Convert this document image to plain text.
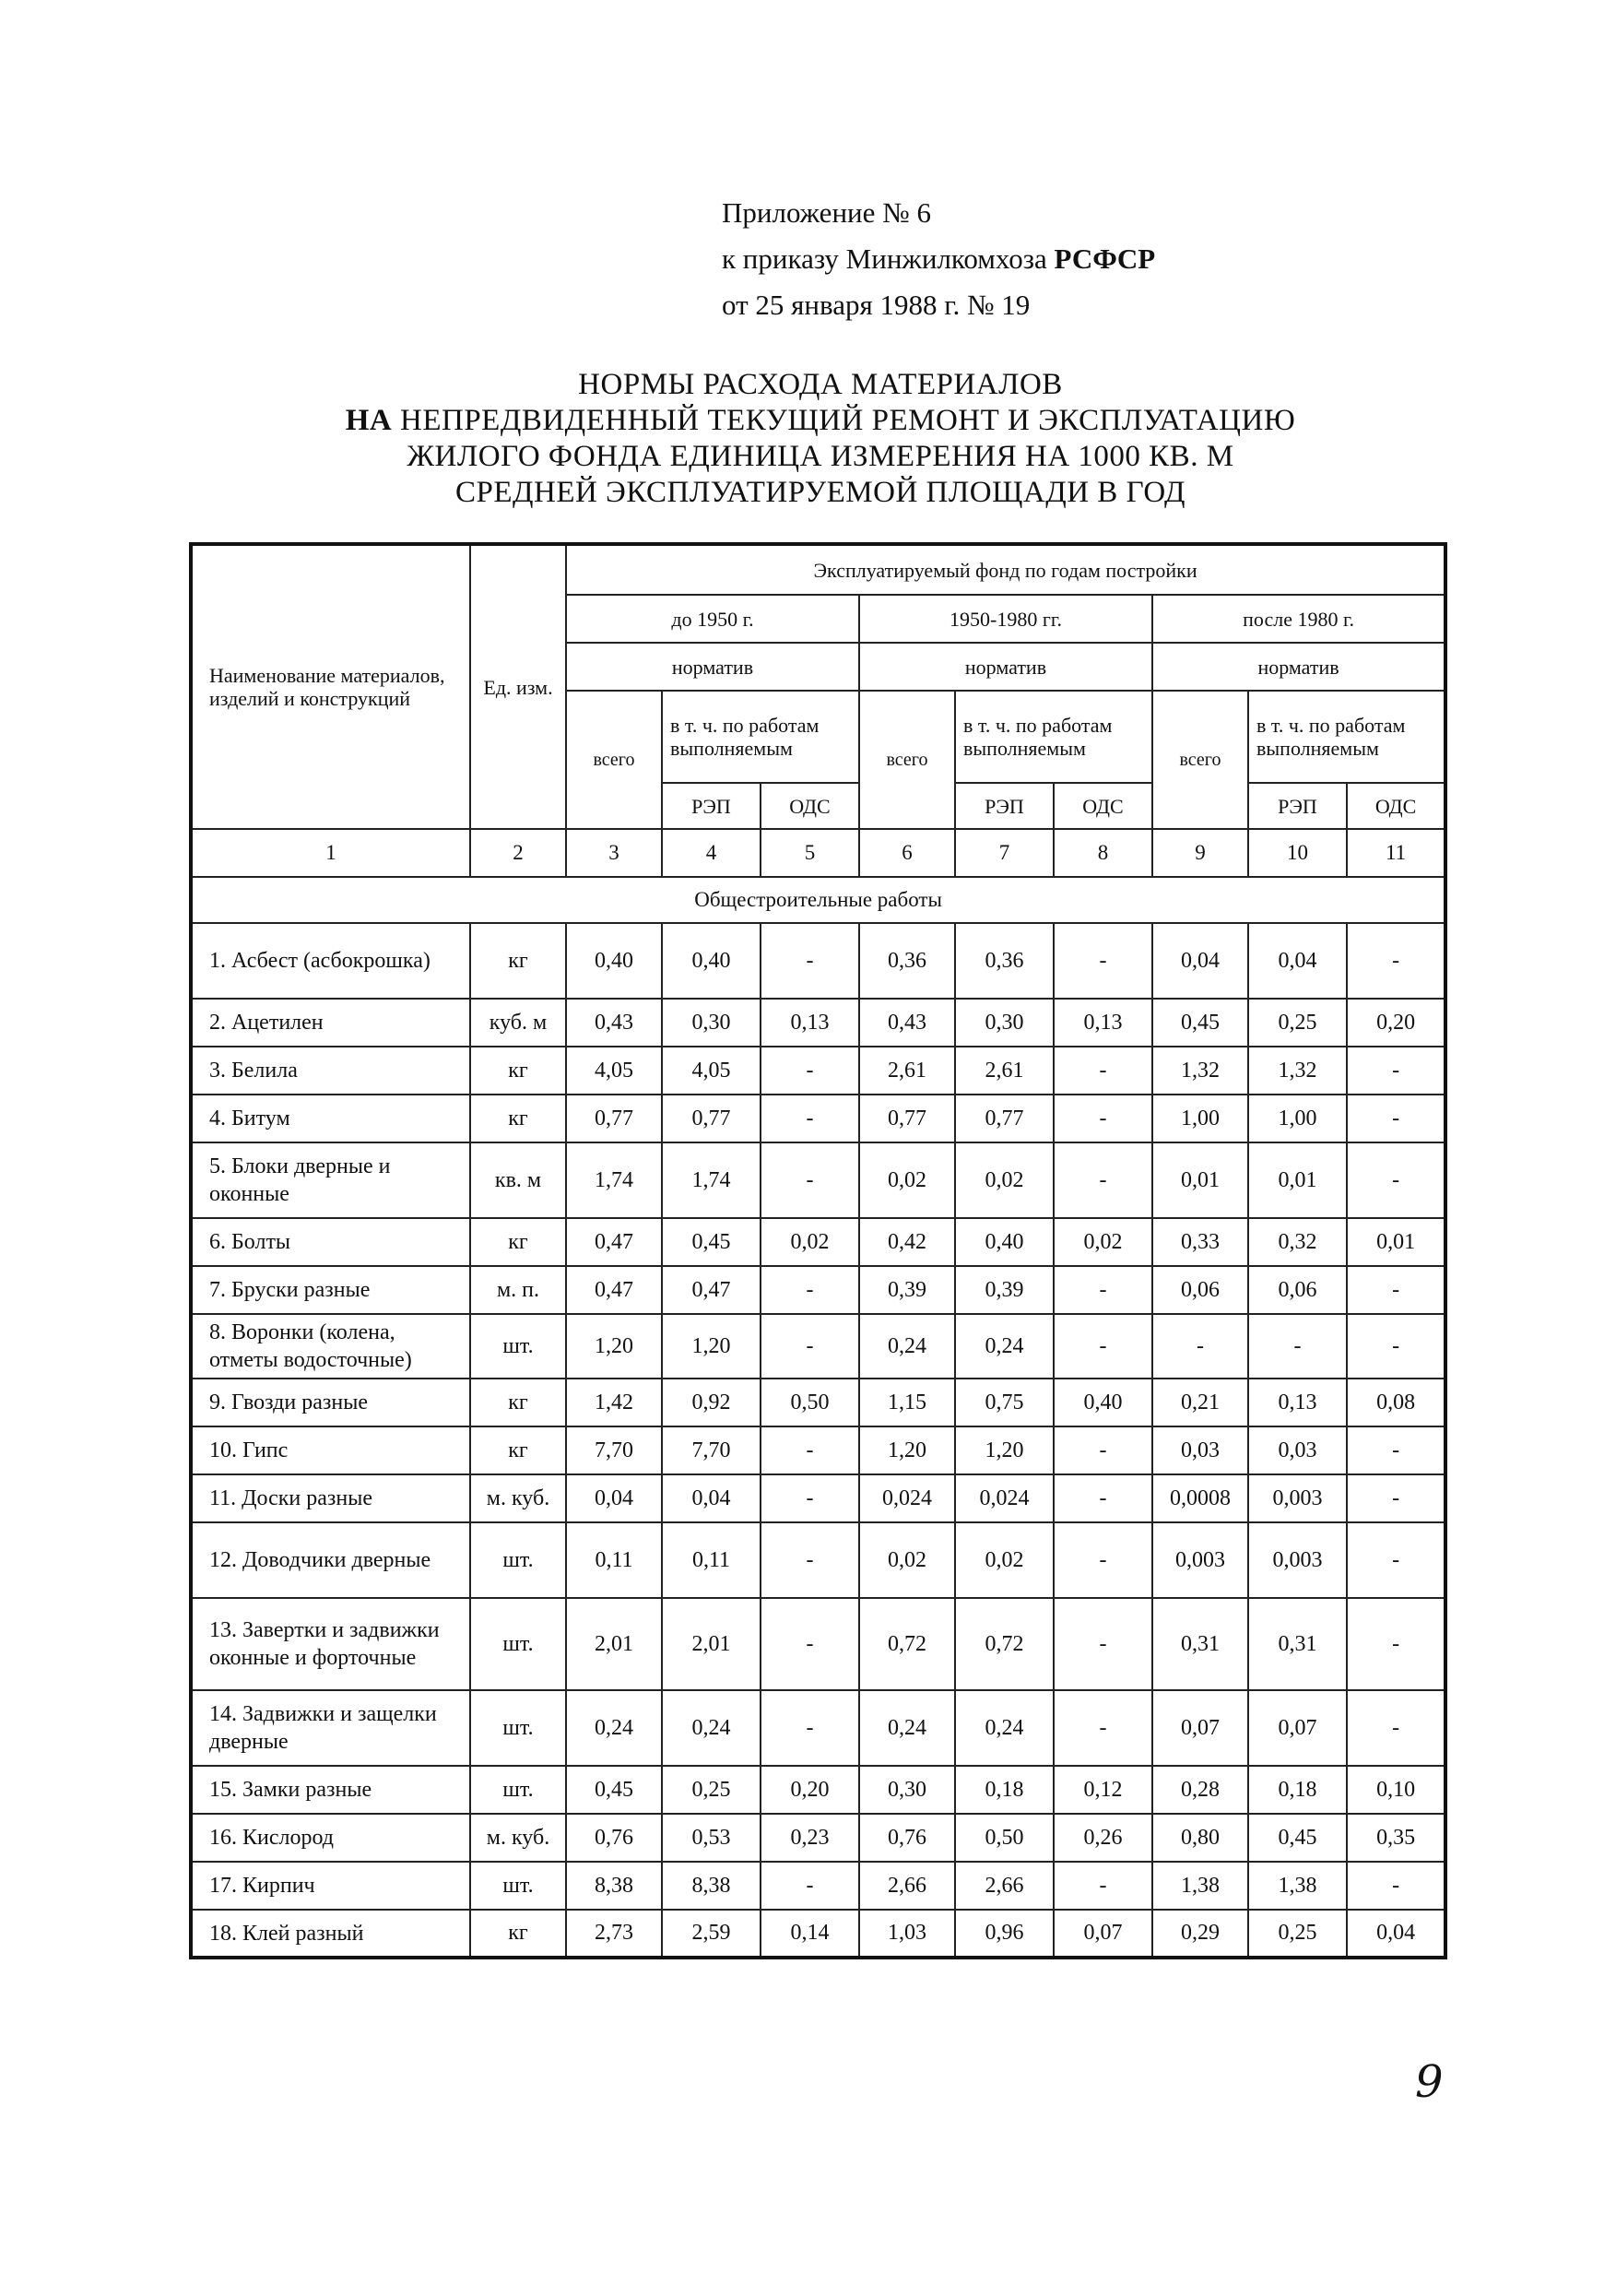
Приложение № 6
к приказу Минжилкомхоза РСФСР
от 25 января 1988 г. № 19
НОРМЫ РАСХОДА МАТЕРИАЛОВ
НА НЕПРЕДВИДЕННЫЙ ТЕКУЩИЙ РЕМОНТ И ЭКСПЛУАТАЦИЮ
ЖИЛОГО ФОНДА ЕДИНИЦА ИЗМЕРЕНИЯ НА 1000 КВ. М
СРЕДНЕЙ ЭКСПЛУАТИРУЕМОЙ ПЛОЩАДИ В ГОД
Наименование материалов, изделий и конструкций	Ед. изм.	Эксплуатируемый фонд по годам постройки								
		до 1950 г.			1950-1980 гг.			после 1980 г.		
		норматив			норматив			норматив		
		всего	в т. ч. по работам выполняемым		всего	в т. ч. по работам выполняемым		всего	в т. ч. по работам выполняемым	
			РЭП	ОДС		РЭП	ОДС		РЭП	ОДС

1	2	3	4	5	6	7	8	9	10	11
Общестроительные работы										
1. Асбест (асбокрошка)	кг	0,40	0,40	-	0,36	0,36	-	0,04	0,04	-
2. Ацетилен	куб. м	0,43	0,30	0,13	0,43	0,30	0,13	0,45	0,25	0,20
3. Белила	кг	4,05	4,05	-	2,61	2,61	-	1,32	1,32	-
4. Битум	кг	0,77	0,77	-	0,77	0,77	-	1,00	1,00	-
5. Блоки дверные и оконные	кв. м	1,74	1,74	-	0,02	0,02	-	0,01	0,01	-
6. Болты	кг	0,47	0,45	0,02	0,42	0,40	0,02	0,33	0,32	0,01
7. Бруски разные	м. п.	0,47	0,47	-	0,39	0,39	-	0,06	0,06	-
8. Воронки (колена, отметы водосточные)	шт.	1,20	1,20	-	0,24	0,24	-	-	-	-
9. Гвозди разные	кг	1,42	0,92	0,50	1,15	0,75	0,40	0,21	0,13	0,08
10. Гипс	кг	7,70	7,70	-	1,20	1,20	-	0,03	0,03	-
11. Доски разные	м. куб.	0,04	0,04	-	0,024	0,024	-	0,0008	0,003	-
12. Доводчики дверные	шт.	0,11	0,11	-	0,02	0,02	-	0,003	0,003	-
13. Завертки и задвижки оконные и форточные	шт.	2,01	2,01	-	0,72	0,72	-	0,31	0,31	-
14. Задвижки и защелки дверные	шт.	0,24	0,24	-	0,24	0,24	-	0,07	0,07	-
15. Замки разные	шт.	0,45	0,25	0,20	0,30	0,18	0,12	0,28	0,18	0,10
16. Кислород	м. куб.	0,76	0,53	0,23	0,76	0,50	0,26	0,80	0,45	0,35
17. Кирпич	шт.	8,38	8,38	-	2,66	2,66	-	1,38	1,38	-
18. Клей разный	кг	2,73	2,59	0,14	1,03	0,96	0,07	0,29	0,25	0,04
9
